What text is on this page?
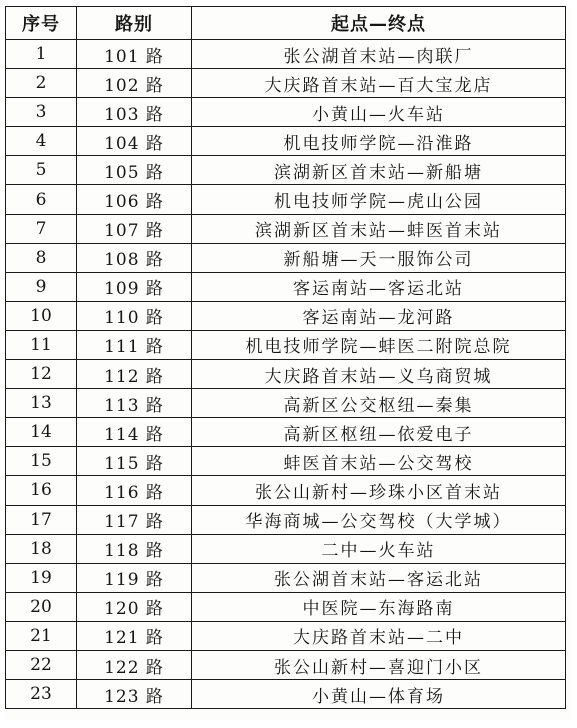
序号	路别	起点—终点
1	101 路	张公湖首末站—肉联厂
2	102 路	大庆路首末站—百大宝龙店
3	103 路	小黄山—火车站
4	104 路	机电技师学院—沿淮路
5	105 路	滨湖新区首末站—新船塘
6	106 路	机电技师学院—虎山公园
7	107 路	滨湖新区首末站—蚌医首末站
8	108 路	新船塘—天一服饰公司
9	109 路	客运南站—客运北站
10	110 路	客运南站—龙河路
11	111 路	机电技师学院—蚌医二附院总院
12	112 路	大庆路首末站—义乌商贸城
13	113 路	高新区公交枢纽—秦集
14	114 路	高新区枢纽—依爱电子
15	115 路	蚌医首末站—公交驾校
16	116 路	张公山新村—珍珠小区首末站
17	117 路	华海商城—公交驾校（大学城）
18	118 路	二中—火车站
19	119 路	张公湖首末站—客运北站
20	120 路	中医院—东海路南
21	121 路	大庆路首末站—二中
22	122 路	张公山新村—喜迎门小区
23	123 路	小黄山—体育场
